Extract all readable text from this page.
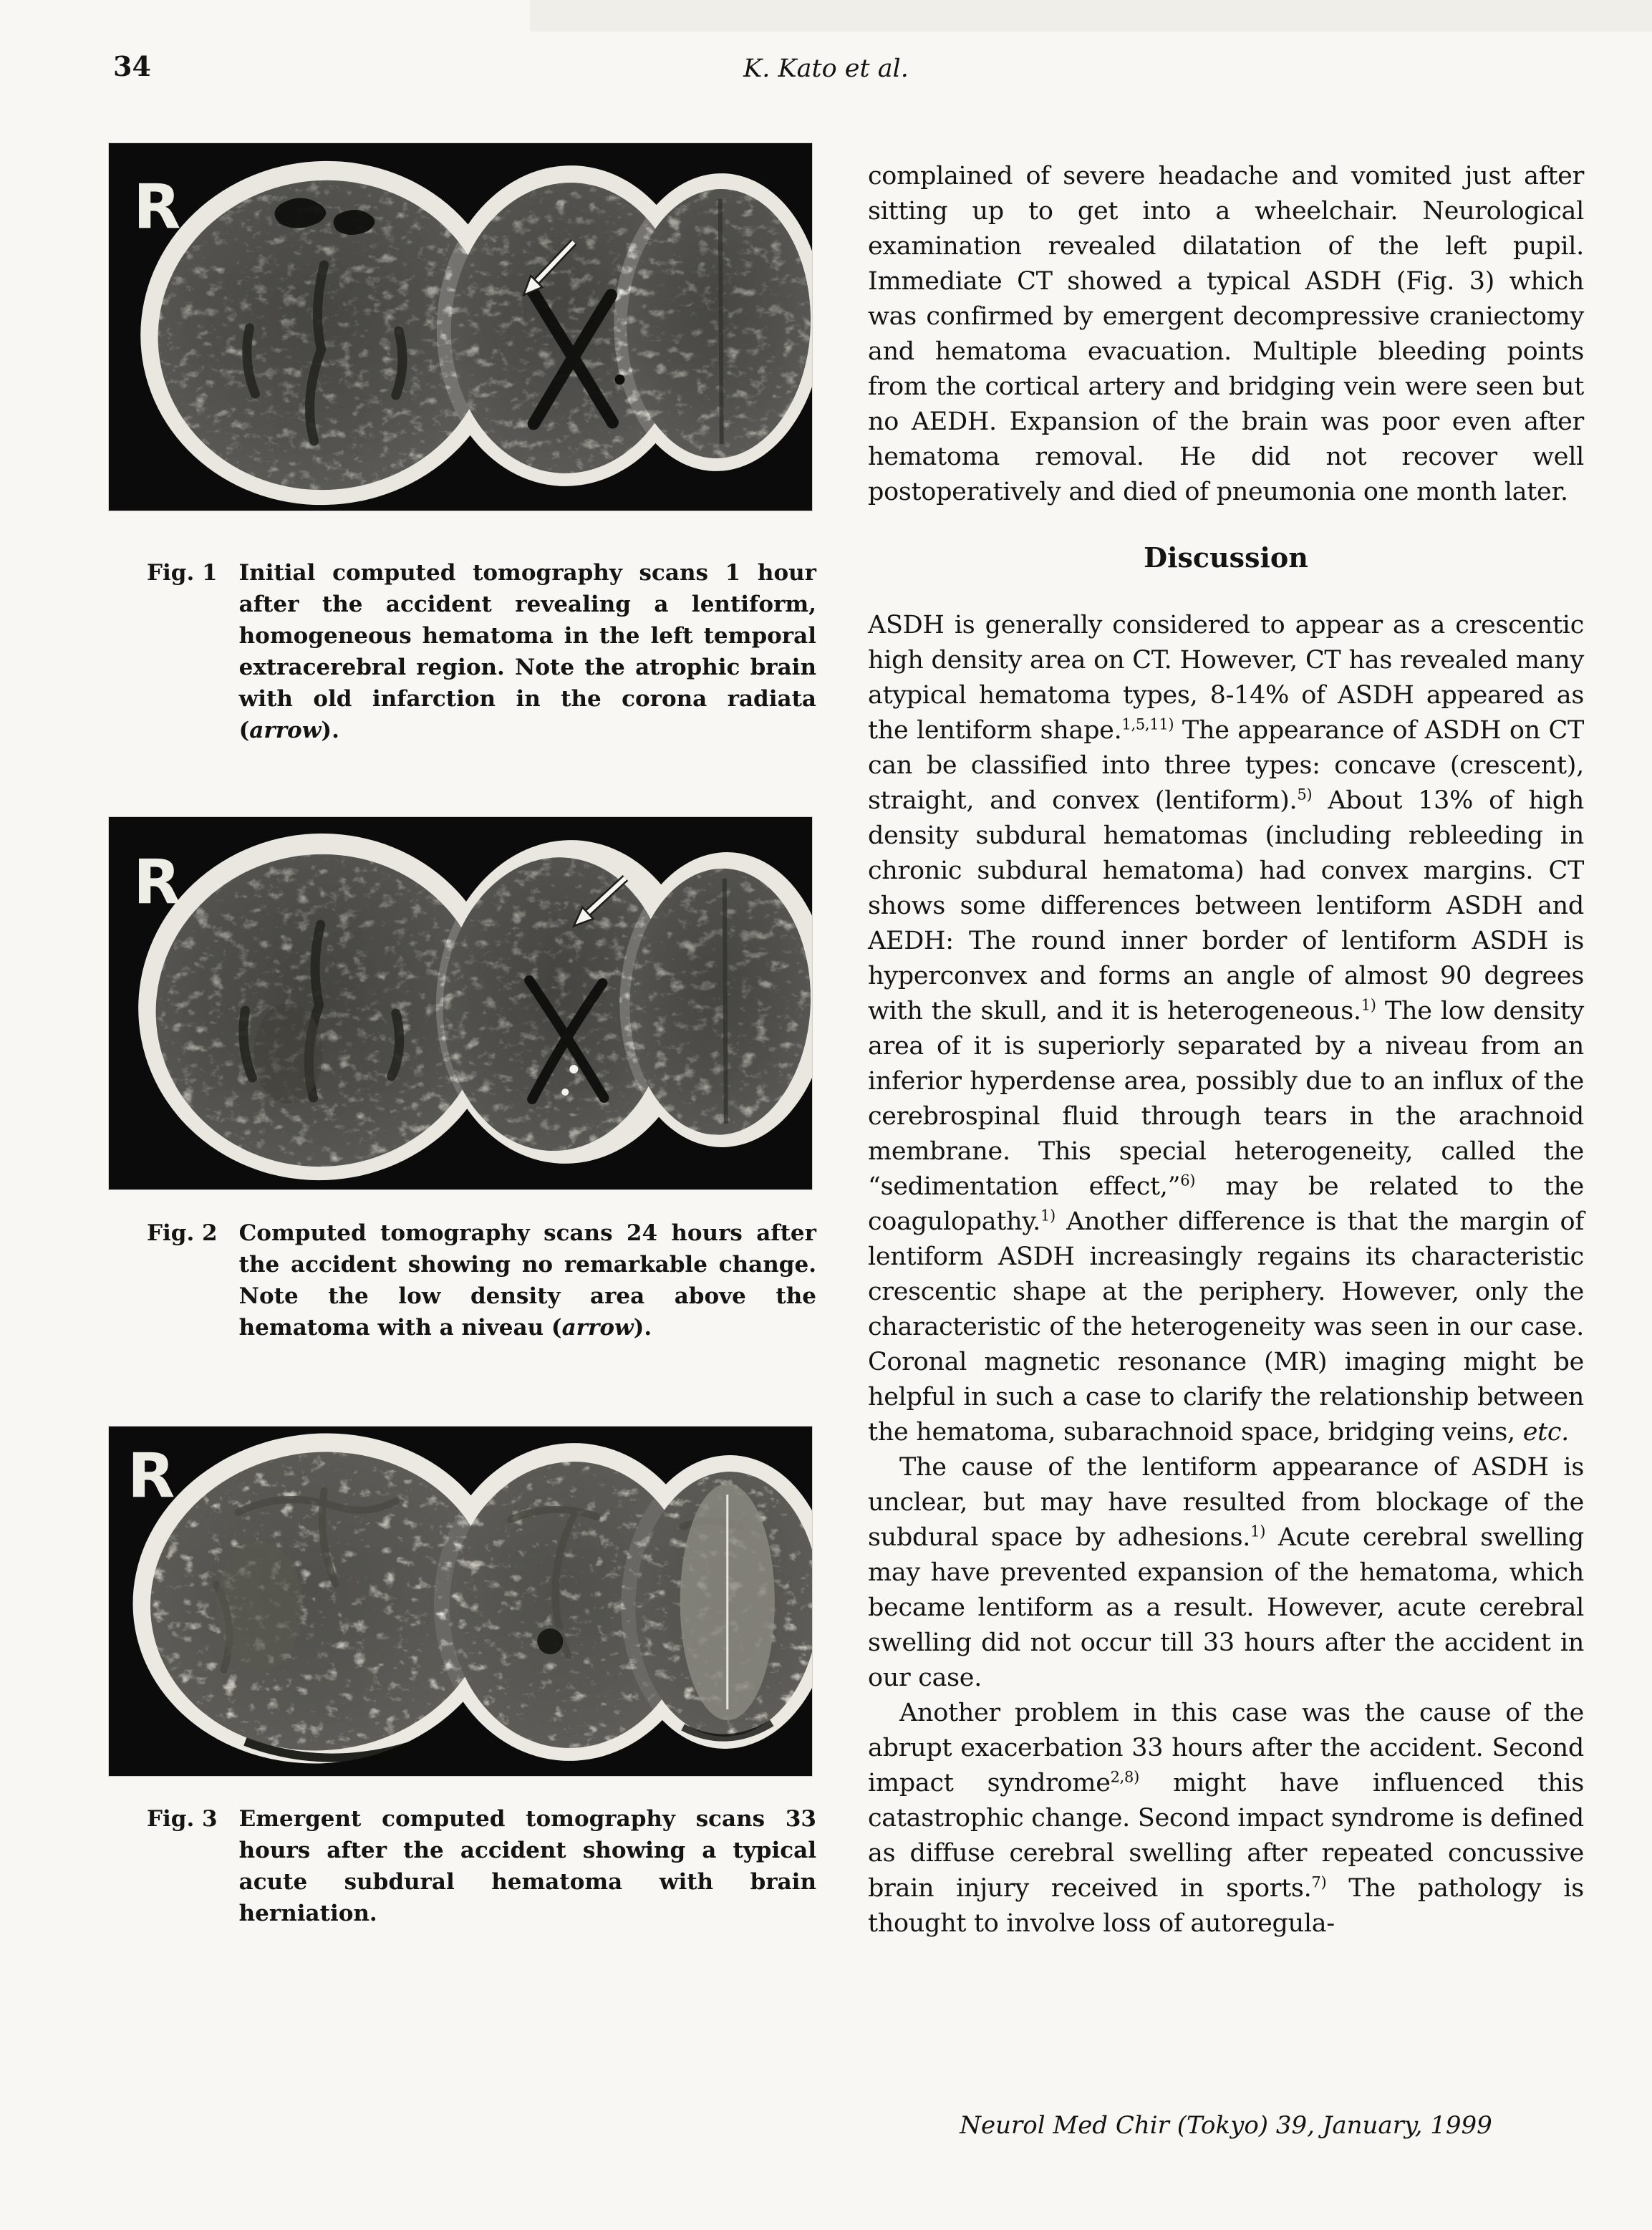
34	K. Kato et al.
R
Fig. 1 Initial computed tomography scans 1 hour after the accident revealing a lentiform, homogeneous hematoma in the left temporal extracerebral region. Note the atrophic brain with old infarction in the corona radiata (arrow).
R
Fig. 2 Computed tomography scans 24 hours after the accident showing no remarkable change. Note the low density area above the hematoma with a niveau (arrow).
R
Fig. 3 Emergent computed tomography scans 33 hours after the accident showing a typical acute subdural hematoma with brain herniation.

complained of severe headache and vomited just after sitting up to get into a wheelchair. Neurological examination revealed dilatation of the left pupil. Immediate CT showed a typical ASDH (Fig. 3) which was confirmed by emergent decompressive craniectomy and hematoma evacuation. Multiple bleeding points from the cortical artery and bridging vein were seen but no AEDH. Expansion of the brain was poor even after hematoma removal. He did not recover well postoperatively and died of pneumonia one month later.

Discussion

ASDH is generally considered to appear as a crescentic high density area on CT. However, CT has revealed many atypical hematoma types, 8-14% of ASDH appeared as the lentiform shape.$^{1,5,11)}$ The appearance of ASDH on CT can be classified into three types: concave (crescent), straight, and convex (lentiform).$^{5)}$ About 13% of high density subdural hematomas (including rebleeding in chronic subdural hematoma) had convex margins. CT shows some differences between lentiform ASDH and AEDH: The round inner border of lentiform ASDH is hyperconvex and forms an angle of almost 90 degrees with the skull, and it is heterogeneous.$^{1)}$ The low density area of it is superiorly separated by a niveau from an inferior hyperdense area, possibly due to an influx of the cerebrospinal fluid through tears in the arachnoid membrane. This special heterogeneity, called the “sedimentation effect,”$^{6)}$ may be related to the coagulopathy.$^{1)}$ Another difference is that the margin of lentiform ASDH increasingly regains its characteristic crescentic shape at the periphery. However, only the characteristic of the heterogeneity was seen in our case. Coronal magnetic resonance (MR) imaging might be helpful in such a case to clarify the relationship between the hematoma, subarachnoid space, bridging veins, etc.

The cause of the lentiform appearance of ASDH is unclear, but may have resulted from blockage of the subdural space by adhesions.$^{1)}$ Acute cerebral swelling may have prevented expansion of the hematoma, which became lentiform as a result. However, acute cerebral swelling did not occur till 33 hours after the accident in our case.

Another problem in this case was the cause of the abrupt exacerbation 33 hours after the accident. Second impact syndrome$^{2,8)}$ might have influenced this catastrophic change. Second impact syndrome is defined as diffuse cerebral swelling after repeated concussive brain injury received in sports.$^{7)}$ The pathology is thought to involve loss of autoregula-

Neurol Med Chir (Tokyo) 39, January, 1999
